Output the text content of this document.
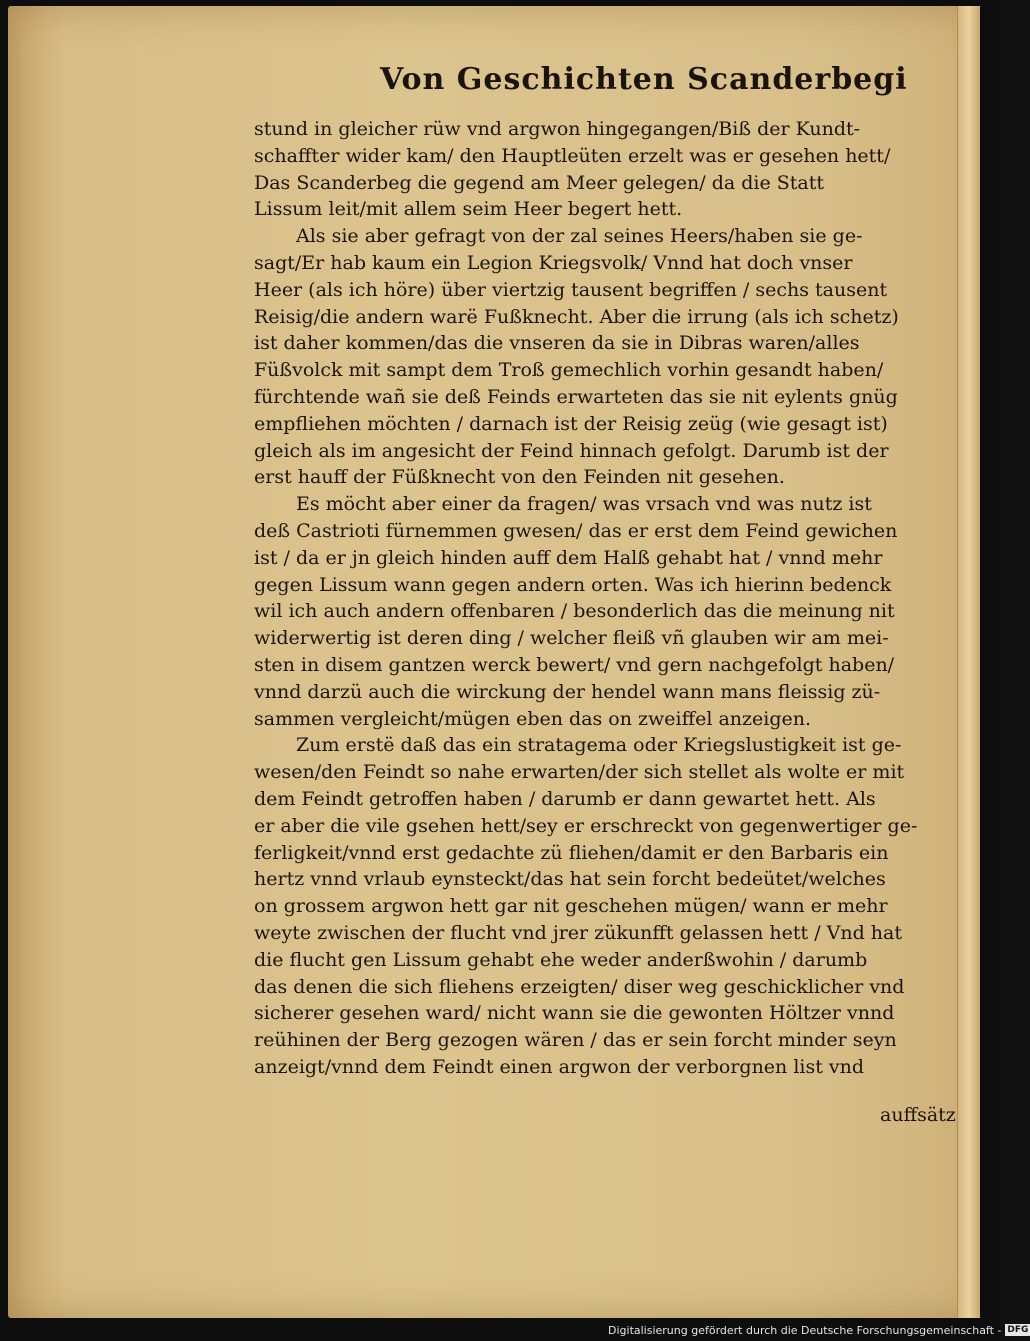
Von Geschichten Scanderbegi
stund in gleicher rüw vnd argwon hingegangen/Biß der Kundt-
schaffter wider kam/ den Hauptleüten erzelt was er gesehen hett/
Das Scanderbeg die gegend am Meer gelegen/ da die Statt
Lissum leit/mit allem seim Heer begert hett.
Als sie aber gefragt von der zal seines Heers/haben sie ge-
sagt/Er hab kaum ein Legion Kriegsvolk/ Vnnd hat doch vnser
Heer (als ich höre) über viertzig tausent begriffen / sechs tausent
Reisig/die andern warë Fußknecht. Aber die irrung (als ich schetz)
ist daher kommen/das die vnseren da sie in Dibras waren/alles
Füßvolck mit sampt dem Troß gemechlich vorhin gesandt haben/
fürchtende wañ sie deß Feinds erwarteten das sie nit eylents gnüg
empfliehen möchten / darnach ist der Reisig zeüg (wie gesagt ist)
gleich als im angesicht der Feind hinnach gefolgt. Darumb ist der
erst hauff der Füßknecht von den Feinden nit gesehen.
Es möcht aber einer da fragen/ was vrsach vnd was nutz ist
deß Castrioti fürnemmen gwesen/ das er erst dem Feind gewichen
ist / da er jn gleich hinden auff dem Halß gehabt hat / vnnd mehr
gegen Lissum wann gegen andern orten. Was ich hierinn bedenck
wil ich auch andern offenbaren / besonderlich das die meinung nit
widerwertig ist deren ding / welcher fleiß vñ glauben wir am mei-
sten in disem gantzen werck bewert/ vnd gern nachgefolgt haben/
vnnd darzü auch die wirckung der hendel wann mans fleissig zü-
sammen vergleicht/mügen eben das on zweiffel anzeigen.
Zum erstë daß das ein stratagema oder Kriegslustigkeit ist ge-
wesen/den Feindt so nahe erwarten/der sich stellet als wolte er mit
dem Feindt getroffen haben / darumb er dann gewartet hett. Als
er aber die vile gsehen hett/sey er erschreckt von gegenwertiger ge-
ferligkeit/vnnd erst gedachte zü fliehen/damit er den Barbaris ein
hertz vnnd vrlaub eynsteckt/das hat sein forcht bedeütet/welches
on grossem argwon hett gar nit geschehen mügen/ wann er mehr
weyte zwischen der flucht vnd jrer zükunfft gelassen hett / Vnd hat
die flucht gen Lissum gehabt ehe weder anderßwohin / darumb
das denen die sich fliehens erzeigten/ diser weg geschicklicher vnd
sicherer gesehen ward/ nicht wann sie die gewonten Höltzer vnnd
reühinen der Berg gezogen wären / das er sein forcht minder seyn
anzeigt/vnnd dem Feindt einen argwon der verborgnen list vnd
auffsätz
Digitalisierung gefördert durch die Deutsche Forschungsgemeinschaft - DFG
